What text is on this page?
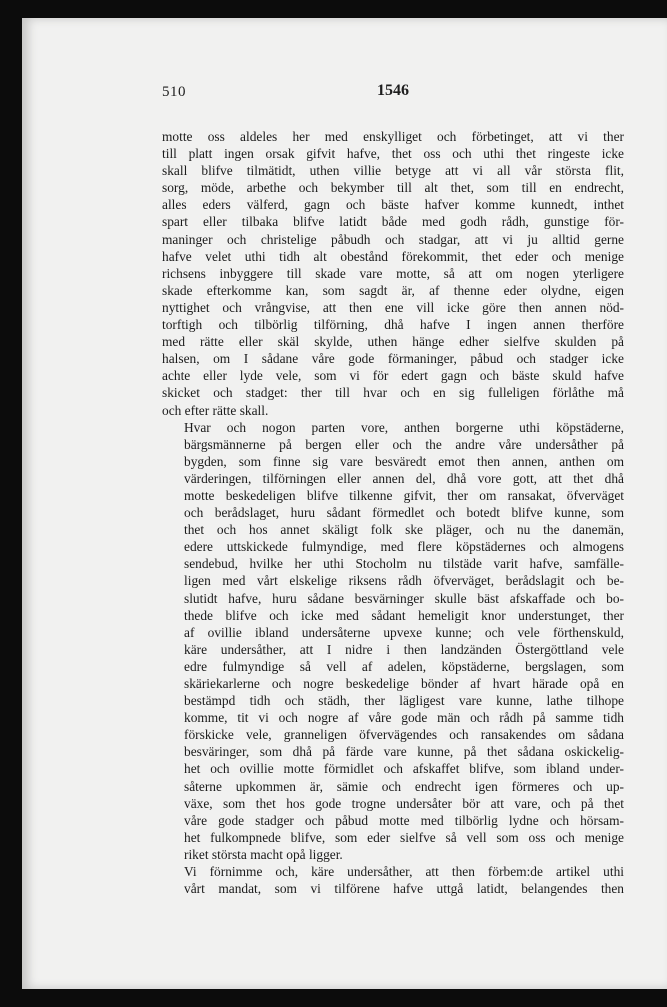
510	1546
motte oss aldeles her med enskylliget och förbetinget, att vi ther
till platt ingen orsak gifvit hafve, thet oss och uthi thet ringeste icke
skall blifve tilmätidt, uthen villie betyge att vi all vår största flit,
sorg, möde, arbethe och bekymber till alt thet, som till en endrecht,
alles eders välferd, gagn och bäste hafver komme kunnedt, inthet
spart eller tilbaka blifve latidt både med godh rådh, gunstige för-
maninger och christelige påbudh och stadgar, att vi ju alltid gerne
hafve velet uthi tidh alt obestånd förekommit, thet eder och menige
richsens inbyggere till skade vare motte, så att om nogen yterligere
skade efterkomme kan, som sagdt är, af thenne eder olydne, eigen
nyttighet och vrångvise, att then ene vill icke göre then annen nöd-
torftigh och tilbörlig tilförning, dhå hafve I ingen annen therföre
med rätte eller skäl skylde, uthen hänge edher sielfve skulden på
halsen, om I sådane våre gode förmaninger, påbud och stadger icke
achte eller lyde vele, som vi för edert gagn och bäste skuld hafve
skicket och stadget: ther till hvar och en sig fulleligen förlåthe må
och efter rätte skall.
Hvar och nogon parten vore, anthen borgerne uthi köpstäderne,
bärgsmännerne på bergen eller och the andre våre undersåther på
bygden, som finne sig vare besväredt emot then annen, anthen om
värderingen, tilförningen eller annen del, dhå vore gott, att thet dhå
motte beskedeligen blifve tilkenne gifvit, ther om ransakat, öfverväget
och berådslaget, huru sådant förmedlet och botedt blifve kunne, som
thet och hos annet skäligt folk ske pläger, och nu the danemän,
edere uttskickede fulmyndige, med flere köpstädernes och almogens
sendebud, hvilke her uthi Stocholm nu tilstäde varit hafve, samfälle-
ligen med vårt elskelige riksens rådh öfverväget, berådslagit och be-
slutidt hafve, huru sådane besvärninger skulle bäst afskaffade och bo-
thede blifve och icke med sådant hemeligit knor understunget, ther
af ovillie ibland undersåterne upvexe kunne; och vele förthenskuld,
käre undersåther, att I nidre i then landzänden Östergöttland vele
edre fulmyndige så vell af adelen, köpstäderne, bergslagen, som
skäriekarlerne och nogre beskedelige bönder af hvart härade opå en
bestämpd tidh och städh, ther lägligest vare kunne, lathe tilhope
komme, tit vi och nogre af våre gode män och rådh på samme tidh
förskicke vele, granneligen öfvervägendes och ransakendes om sådana
besväringer, som dhå på färde vare kunne, på thet sådana oskickelig-
het och ovillie motte förmidlet och afskaffet blifve, som ibland under-
såterne upkommen är, sämie och endrecht igen förmeres och up-
växe, som thet hos gode trogne undersåter bör att vare, och på thet
våre gode stadger och påbud motte med tilbörlig lydne och hörsam-
het fulkompnede blifve, som eder sielfve så vell som oss och menige
riket största macht opå ligger.
Vi förnimme och, käre undersåther, att then förbem:de artikel uthi
vårt mandat, som vi tilförene hafve uttgå latidt, belangendes then
